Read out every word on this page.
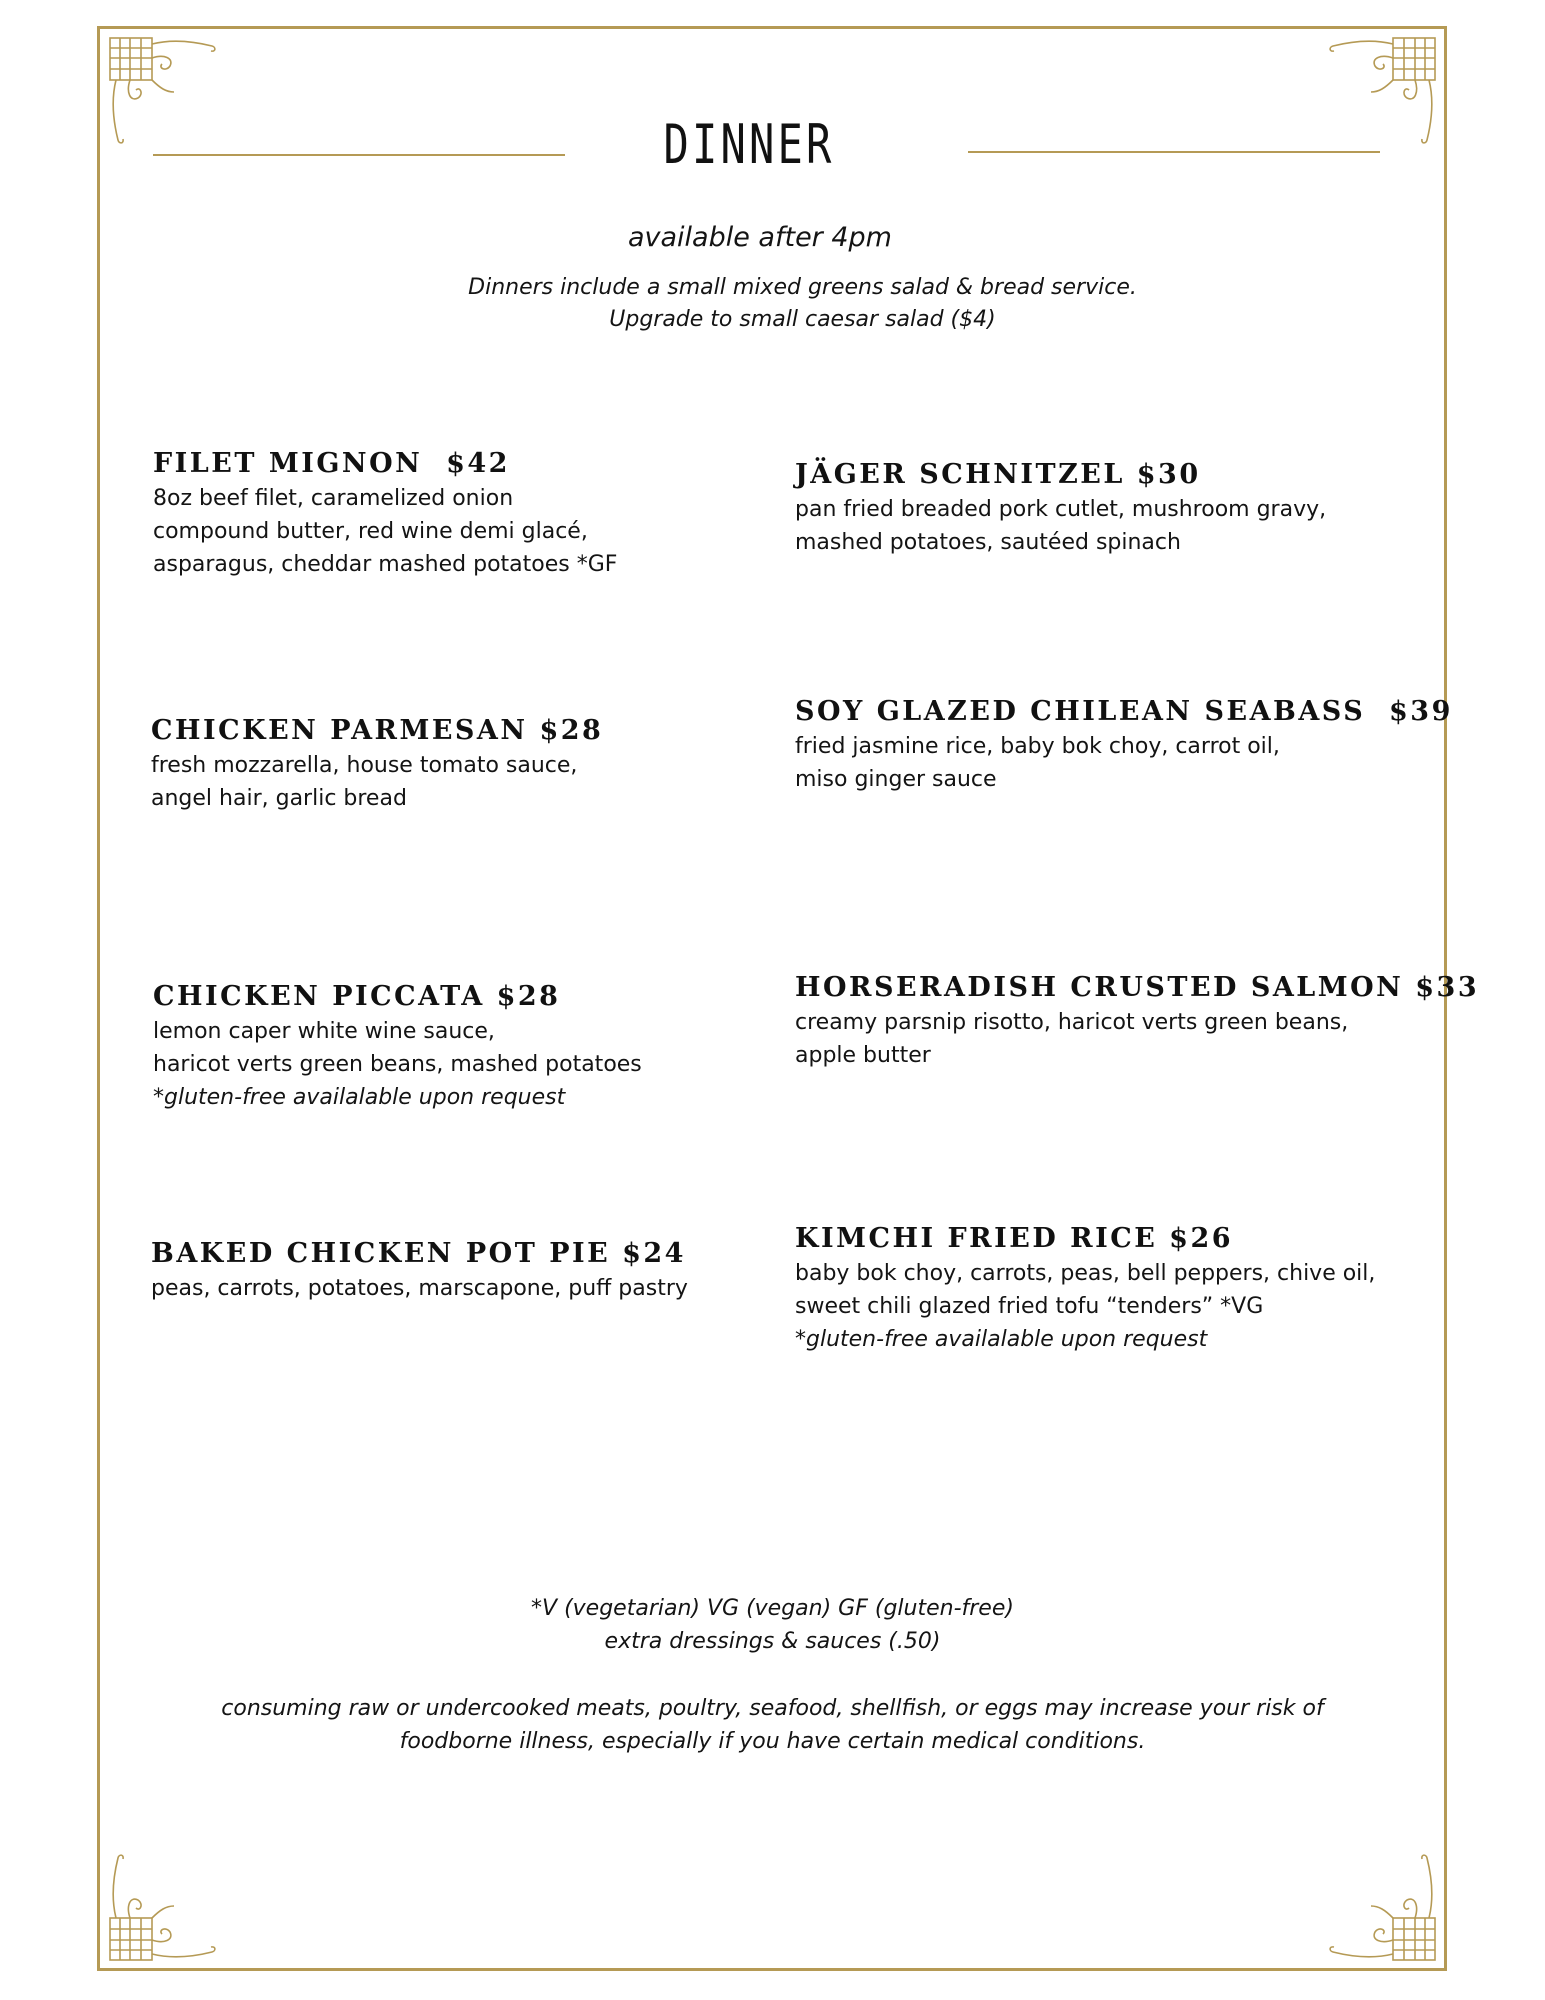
DINNER
available after 4pm
Dinners include a small mixed greens salad & bread service.
Upgrade to small caesar salad ($4)
FILET MIGNON  $42
8oz beef filet, caramelized onion
compound butter, red wine demi glacé,
asparagus, cheddar mashed potatoes *GF
CHICKEN PARMESAN $28
fresh mozzarella, house tomato sauce,
angel hair, garlic bread
CHICKEN PICCATA $28
lemon caper white wine sauce,
haricot verts green beans, mashed potatoes
*gluten-free availalable upon request
BAKED CHICKEN POT PIE $24
peas, carrots, potatoes, marscapone, puff pastry
JÄGER SCHNITZEL $30
pan fried breaded pork cutlet, mushroom gravy,
mashed potatoes, sautéed spinach
SOY GLAZED CHILEAN SEABASS  $39
fried jasmine rice, baby bok choy, carrot oil,
miso ginger sauce
HORSERADISH CRUSTED SALMON $33
creamy parsnip risotto, haricot verts green beans,
apple butter
KIMCHI FRIED RICE $26
baby bok choy, carrots, peas, bell peppers, chive oil,
sweet chili glazed fried tofu “tenders” *VG
*gluten-free availalable upon request
*V (vegetarian) VG (vegan) GF (gluten-free)
extra dressings & sauces (.50)
consuming raw or undercooked meats, poultry, seafood, shellfish, or eggs may increase your risk of
foodborne illness, especially if you have certain medical conditions.
